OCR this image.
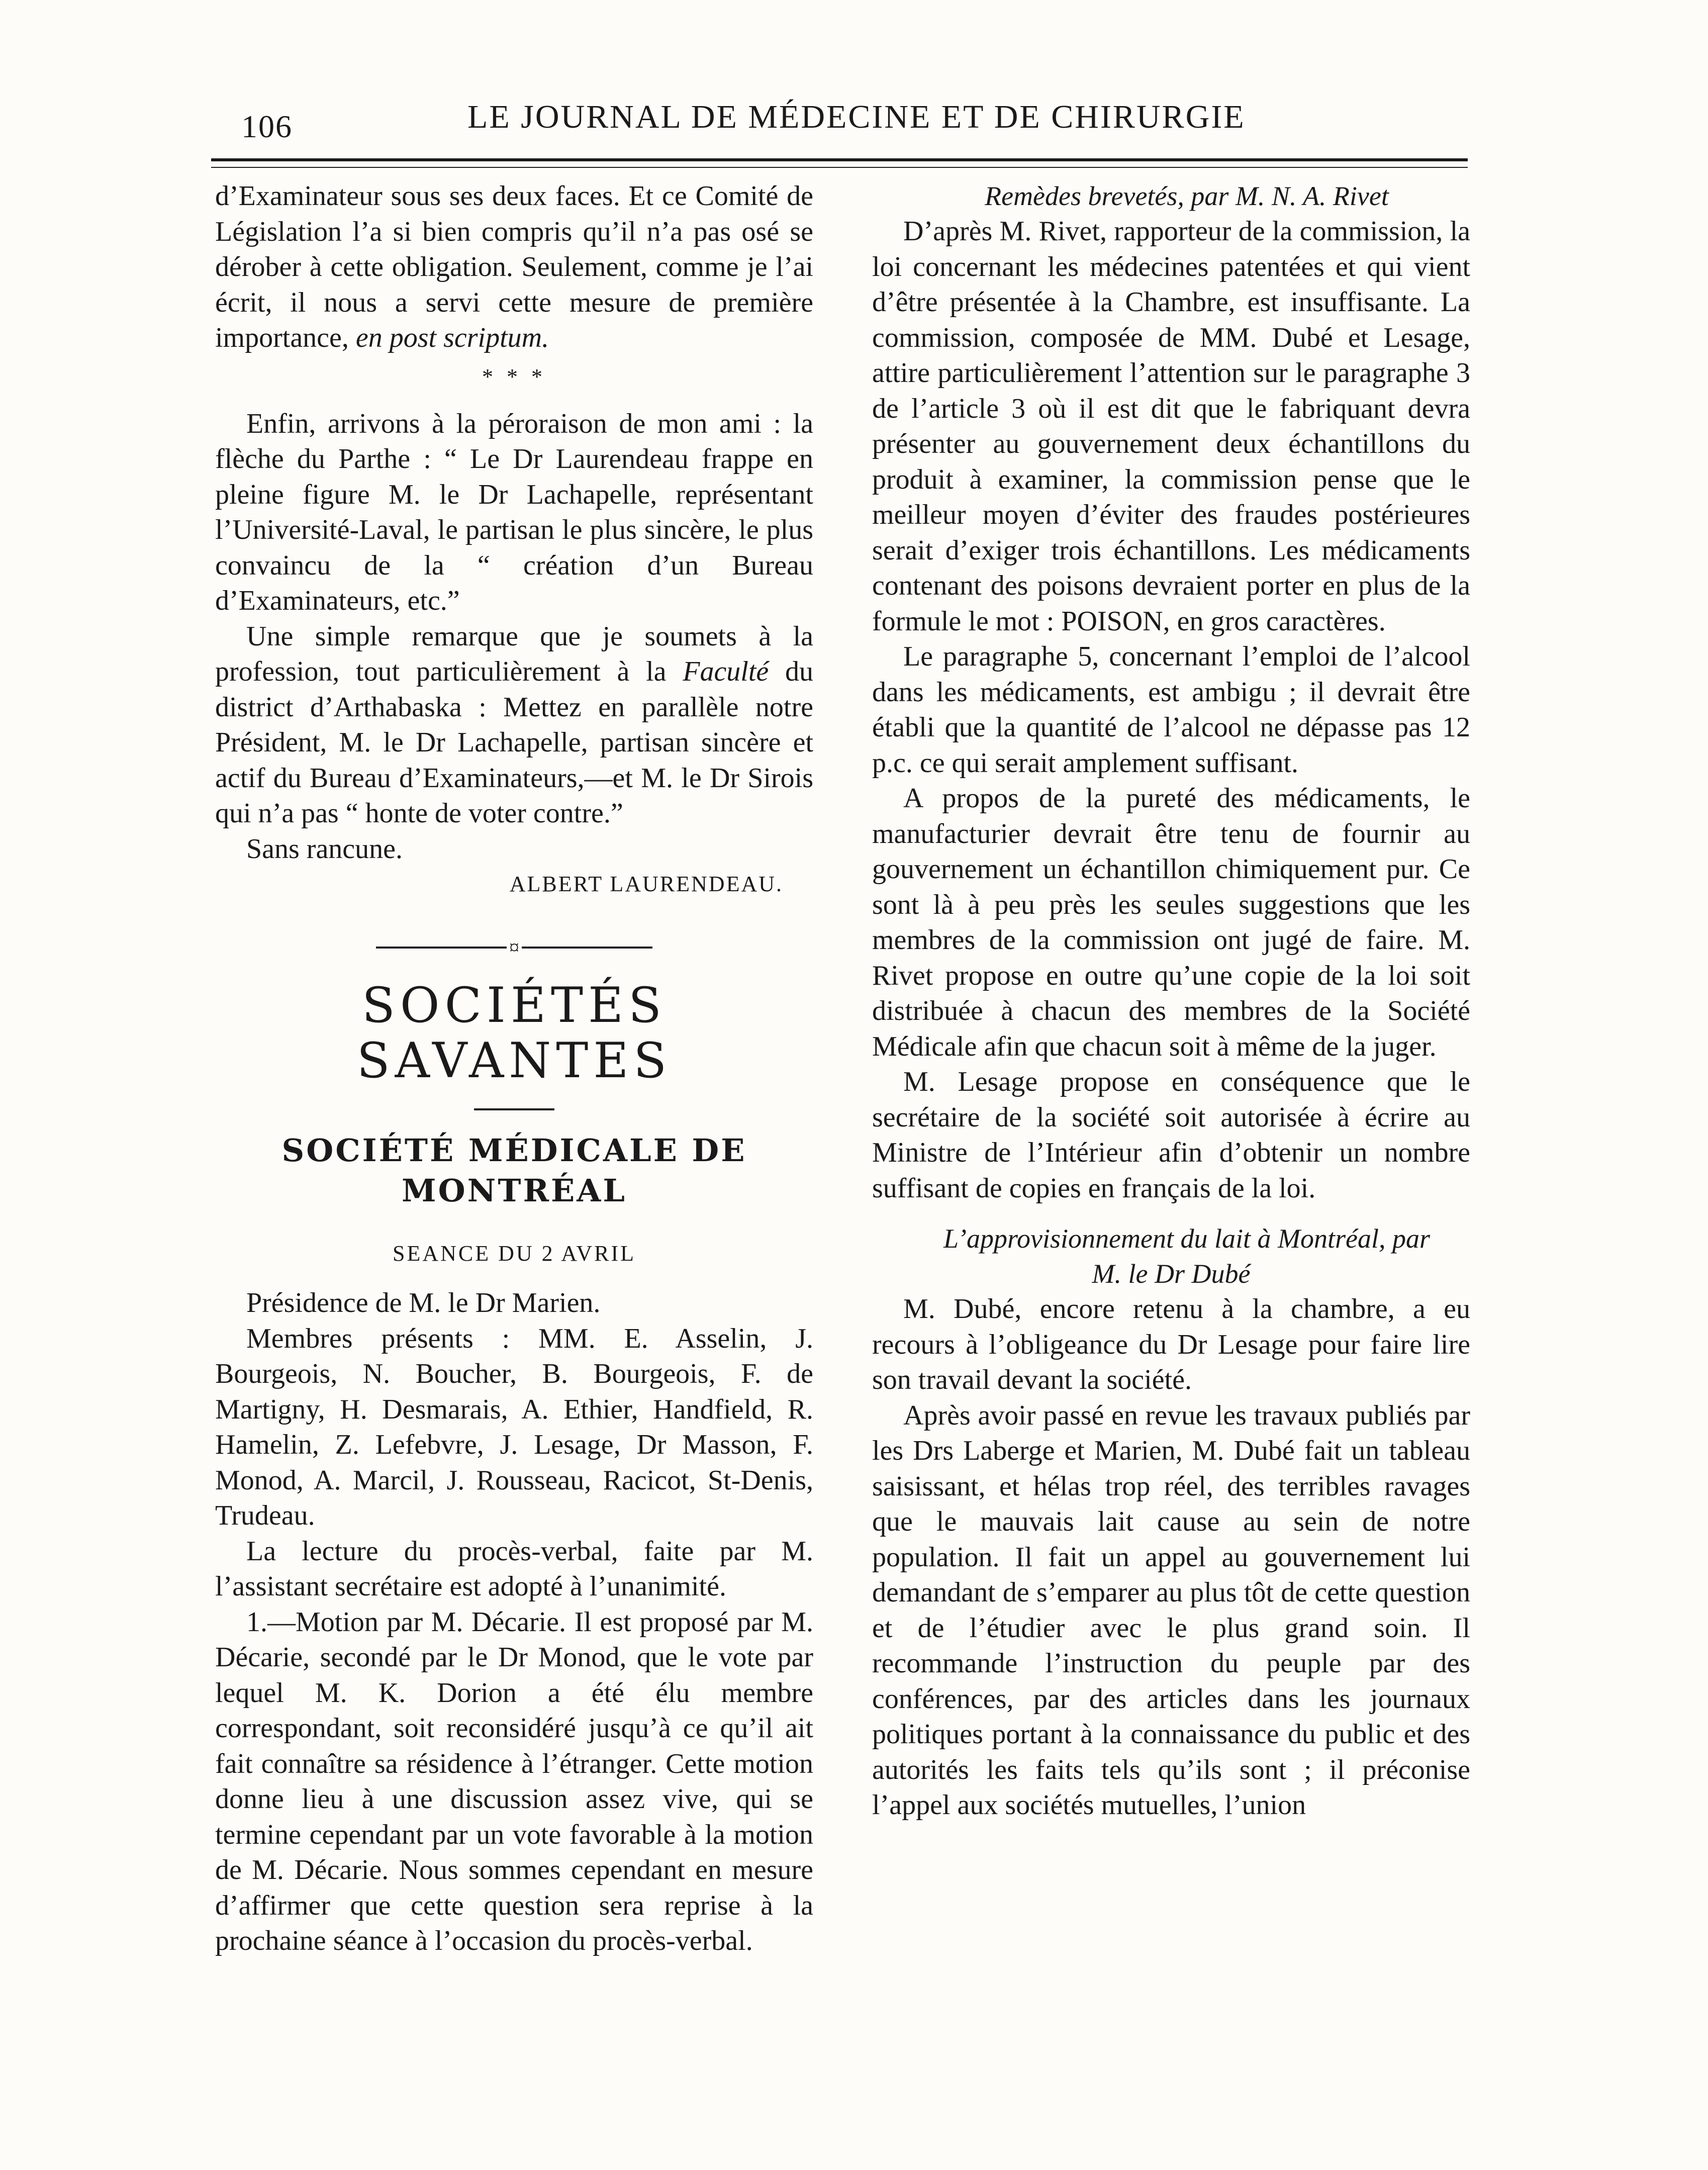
106	LE JOURNAL DE MÉDECINE ET DE CHIRURGIE

d’Examinateur sous ses deux faces. Et ce Comité de Législation l’a si bien compris qu’il n’a pas osé se dérober à cette obligation. Seulement, comme je l’ai écrit, il nous a servi cette mesure de première importance, en post scriptum.

* * *

Enfin, arrivons à la péroraison de mon ami : la flèche du Parthe : “ Le Dr Laurendeau frappe en pleine figure M. le Dr Lachapelle, représentant l’Université-Laval, le partisan le plus sincère, le plus convaincu de la “ création d’un Bureau d’Examinateurs, etc.”

Une simple remarque que je soumets à la profession, tout particulièrement à la Faculté du district d’Arthabaska : Mettez en parallèle notre Président, M. le Dr Lachapelle, partisan sincère et actif du Bureau d’Examinateurs,—et M. le Dr Sirois qui n’a pas “ honte de voter contre.”

Sans rancune.

ALBERT LAURENDEAU.
¤
SOCIÉTÉS SAVANTES
SOCIÉTÉ MÉDICALE DE MONTRÉAL
SEANCE DU 2 AVRIL

Présidence de M. le Dr Marien.

Membres présents : MM. E. Asselin, J. Bourgeois, N. Boucher, B. Bourgeois, F. de Martigny, H. Desmarais, A. Ethier, Handfield, R. Hamelin, Z. Lefebvre, J. Lesage, Dr Masson, F. Monod, A. Marcil, J. Rousseau, Racicot, St-Denis, Trudeau.

La lecture du procès-verbal, faite par M. l’assistant secrétaire est adopté à l’unanimité.

1.—Motion par M. Décarie. Il est proposé par M. Décarie, secondé par le Dr Monod, que le vote par lequel M. K. Dorion a été élu membre correspondant, soit reconsidéré jusqu’à ce qu’il ait fait connaître sa résidence à l’étranger. Cette motion donne lieu à une discussion assez vive, qui se termine cependant par un vote favorable à la motion de M. Décarie. Nous sommes cependant en mesure d’affirmer que cette question sera reprise à la prochaine séance à l’occasion du procès-verbal.

Remèdes brevetés, par M. N. A. Rivet

D’après M. Rivet, rapporteur de la commission, la loi concernant les médecines patentées et qui vient d’être présentée à la Chambre, est insuffisante. La commission, composée de MM. Dubé et Lesage, attire particulièrement l’attention sur le paragraphe 3 de l’article 3 où il est dit que le fabriquant devra présenter au gouvernement deux échantillons du produit à examiner, la commission pense que le meilleur moyen d’éviter des fraudes postérieures serait d’exiger trois échantillons. Les médicaments contenant des poisons devraient porter en plus de la formule le mot : POISON, en gros caractères.

Le paragraphe 5, concernant l’emploi de l’alcool dans les médicaments, est ambigu ; il devrait être établi que la quantité de l’alcool ne dépasse pas 12 p.c. ce qui serait amplement suffisant.

A propos de la pureté des médicaments, le manufacturier devrait être tenu de fournir au gouvernement un échantillon chimiquement pur. Ce sont là à peu près les seules suggestions que les membres de la commission ont jugé de faire. M. Rivet propose en outre qu’une copie de la loi soit distribuée à chacun des membres de la Société Médicale afin que chacun soit à même de la juger.

M. Lesage propose en conséquence que le secrétaire de la société soit autorisée à écrire au Ministre de l’Intérieur afin d’obtenir un nombre suffisant de copies en français de la loi.

L’approvisionnement du lait à Montréal, par
M. le Dr Dubé

M. Dubé, encore retenu à la chambre, a eu recours à l’obligeance du Dr Lesage pour faire lire son travail devant la société.

Après avoir passé en revue les travaux publiés par les Drs Laberge et Marien, M. Dubé fait un tableau saisissant, et hélas trop réel, des terribles ravages que le mauvais lait cause au sein de notre population. Il fait un appel au gouvernement lui demandant de s’emparer au plus tôt de cette question et de l’étudier avec le plus grand soin. Il recommande l’instruction du peuple par des conférences, par des articles dans les journaux politiques portant à la connaissance du public et des autorités les faits tels qu’ils sont ; il préconise l’appel aux sociétés mutuelles, l’union
